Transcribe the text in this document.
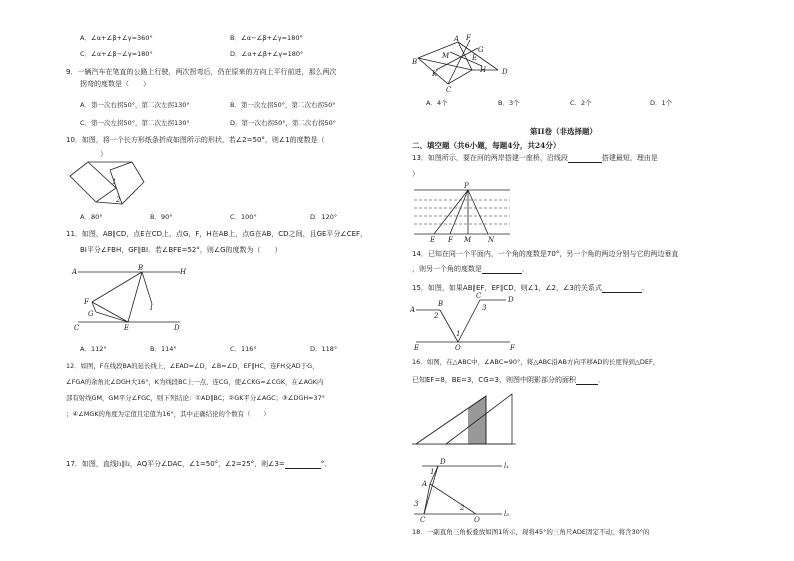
A．∠α+∠β+∠γ=360°	B．∠α−∠β+∠γ=180°
C．∠α+∠β−∠γ=180°	D．∠α+∠β+∠γ=180°
9．一辆汽车在笔直的公路上行驶，两次拐弯后，仍在原来的方向上平行前进，那么两次
拐弯的度数是（　　）
A．第一次右拐50°，第二次左拐130°	B．第一次左拐50°，第二次右拐50°
C．第一次左拐50°，第二次左拐130°	D．第一次右拐50°，第二次右拐50°
10．如图，将一个长方形纸条折成如图所示的形状，若∠2=50°，则∠1的度数是（
）
1
2
A．80°	B．90°	C．100°	D．120°
11．如图，AB∥CD，点E在CD上，点G，F，H在AB上，点G在AB，CD之间，且GE平分∠CEF，
BI平分∠FBH，GF∥BI．若∠BFE=52°，则∠G的度数为（　　）
A	B	H
F
G
I
C	E	D
A．112°	B．114°	C．116°	D．118°
12．如图，F在线段BA的延长线上，∠EAD=∠D，∠B=∠D，EF∥HC，连FH交AD于G，
∠FGA的余角比∠DGH大16°，K为线段BC上一点，连CG，使∠CKG=∠CGK，在∠AGK内
部有射线GM，GM平分∠FGC，则下列结论：①AD∥BC；②GK平分∠AGC；③∠DGH=37°
；④∠MGK的角度为定值且定值为16°，其中正确结论的个数有（　　）
17．如图，直线l₁∥l₂，AQ平分∠DAC，∠1=50°，∠2=25°，则∠3=	°．
A F
G
B
M
K	H D
C
E
A．4个	B．3个	C．2个	D．1个
第II卷（非选择题）
二、填空题（共6小题，每题4分，共24分）
13．如图所示，要在河的两岸搭建一座桥，沿线段	搭建最短，理由是
）
P
E F M N
14．已知在同一个平面内，一个角的度数是70°，另一个角的两边分别与它的两边垂直
，则另一个角的度数是	．
15．如图，如果AB∥EF，EF∥CD，则∠1，∠2，∠3的关系式	．
A
B
C	D
E	F
O
1
2
3
16．如图，在△ABC中，∠ABC=90°，将△ABC沿AB方向平移AD的长度得到△DEF，
已知EF=8，BE=3，CG=3，则图中阴影部分的面积	．
D	l₁
1
A
3	2
C	Q
l₂
18．一副直角三角板叠放如图1所示，现将45°的三角尺ADE固定不动，将含30°的
